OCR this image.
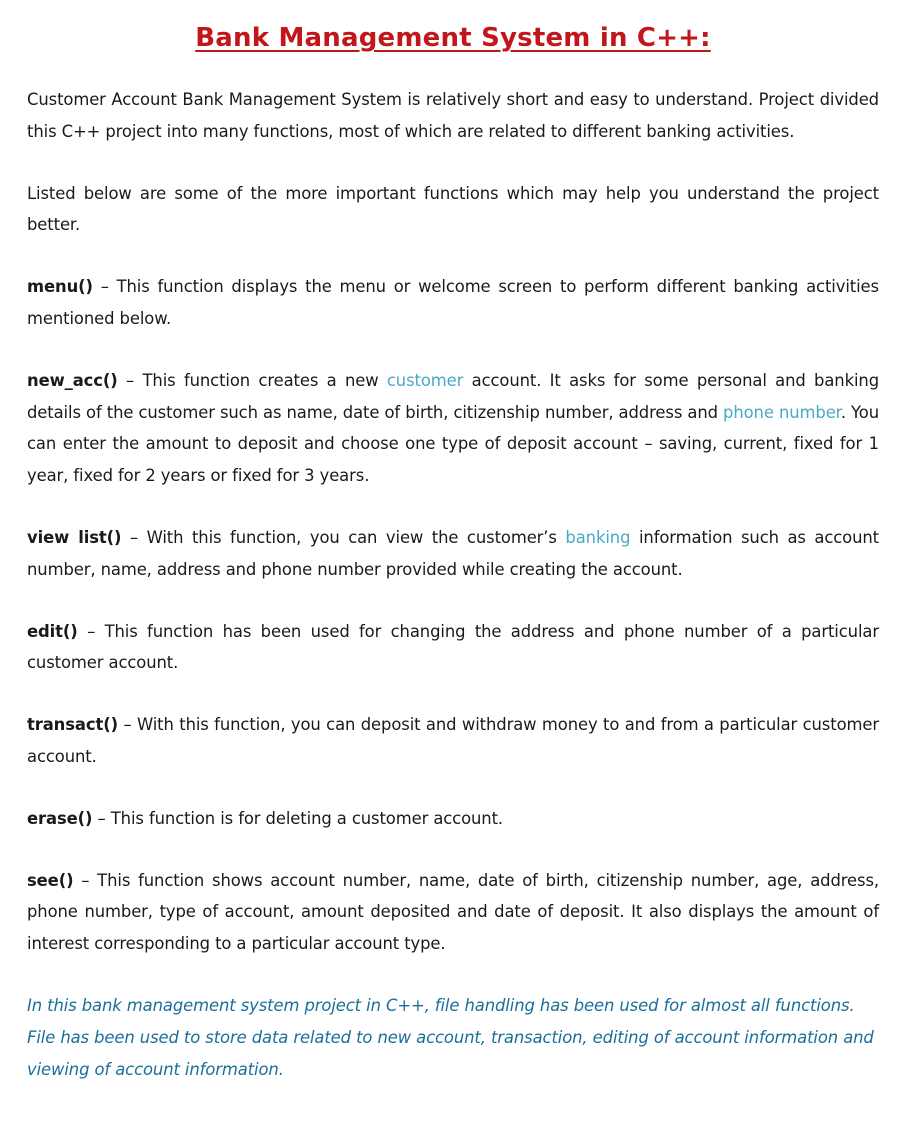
Bank Management System in C++:

Customer Account Bank Management System is relatively short and easy to understand. Project divided this C++ project into many functions, most of which are related to different banking activities.

Listed below are some of the more important functions which may help you understand the project better.

menu() – This function displays the menu or welcome screen to perform different banking activities mentioned below.

new_acc() – This function creates a new customer account. It asks for some personal and banking details of the customer such as name, date of birth, citizenship number, address and phone number. You can enter the amount to deposit and choose one type of deposit account – saving, current, fixed for 1 year, fixed for 2 years or fixed for 3 years.

view list() – With this function, you can view the customer’s banking information such as account number, name, address and phone number provided while creating the account.

edit() – This function has been used for changing the address and phone number of a particular customer account.

transact() – With this function, you can deposit and withdraw money to and from a particular customer account.

erase() – This function is for deleting a customer account.

see() – This function shows account number, name, date of birth, citizenship number, age, address, phone number, type of account, amount deposited and date of deposit. It also displays the amount of interest corresponding to a particular account type.

In this bank management system project in C++, file handling has been used for almost all functions. File has been used to store data related to new account, transaction, editing of account information and viewing of account information.
